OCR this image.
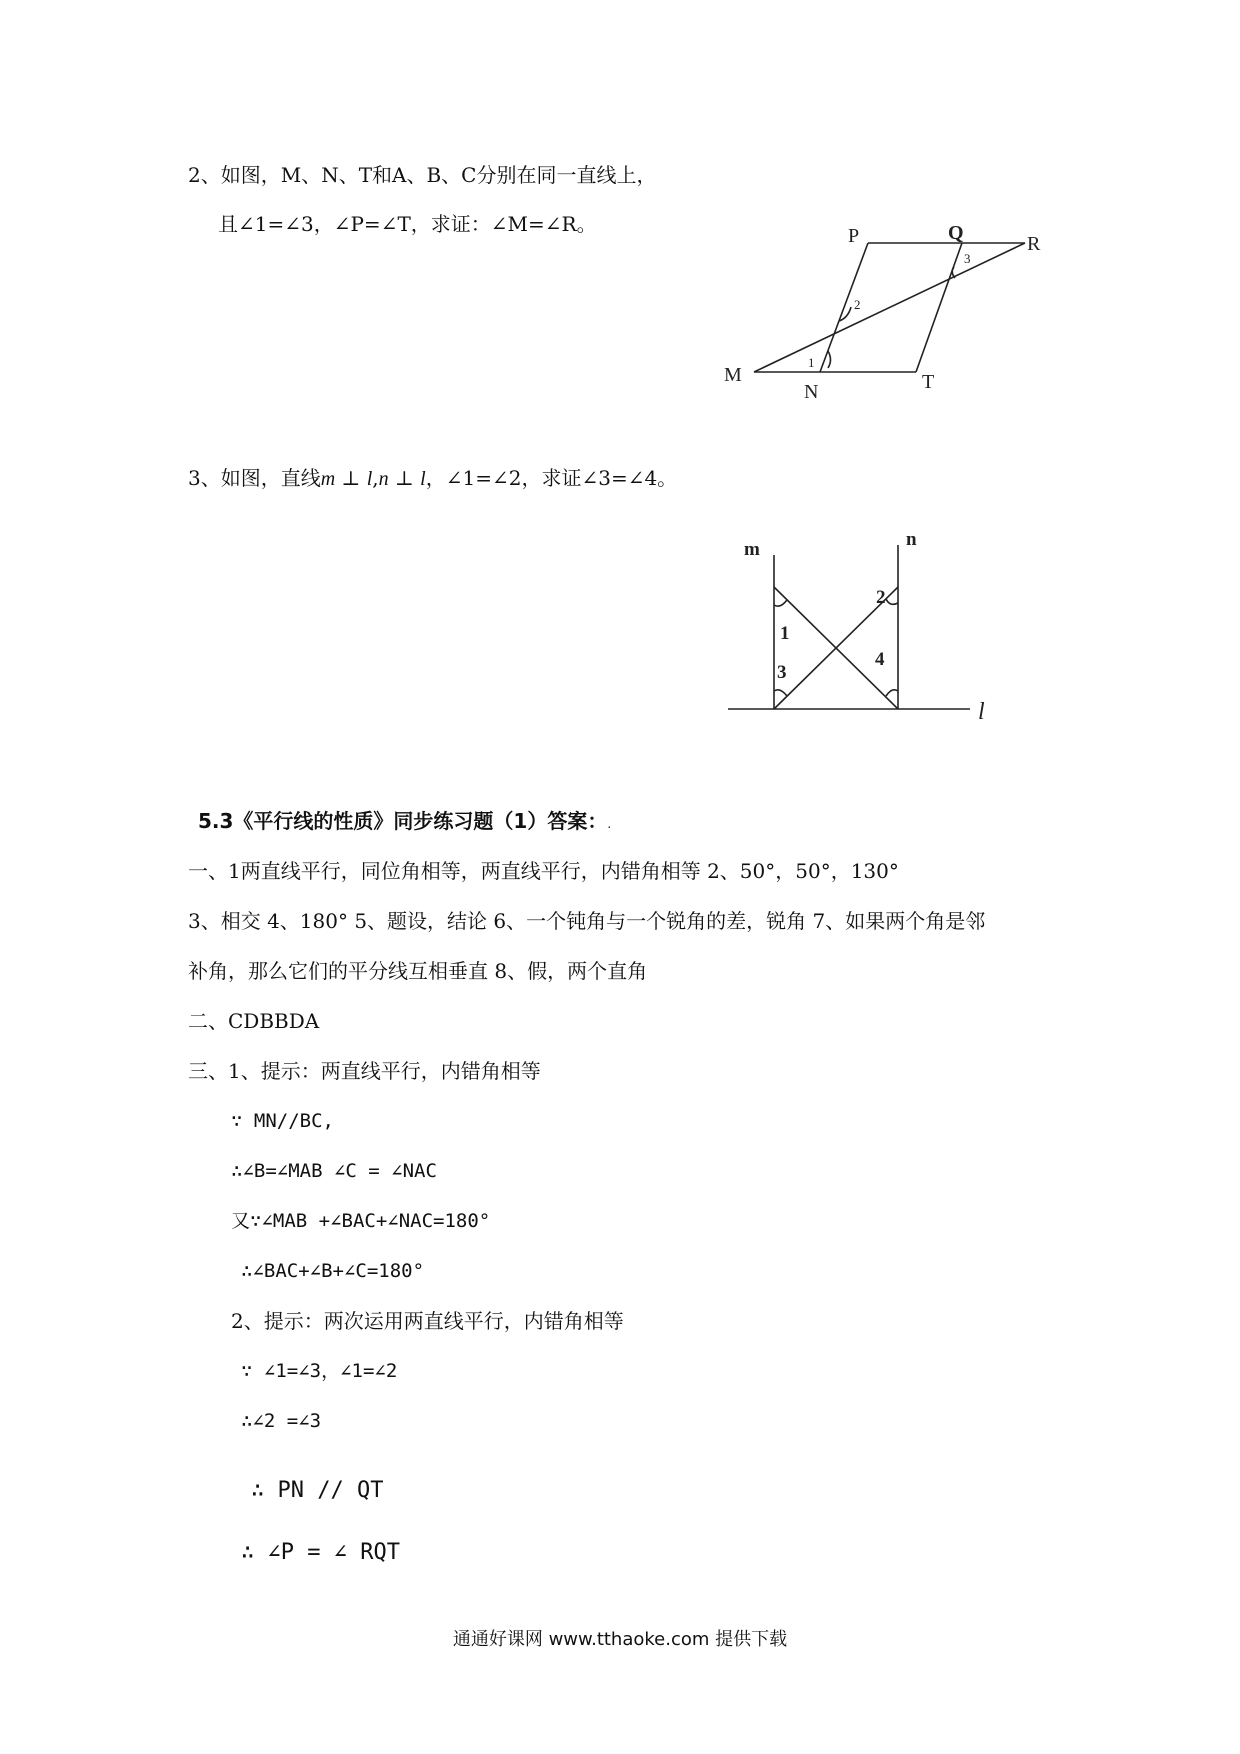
2、如图，M、N、T和A、B、C分别在同一直线上，
且∠1=∠3，∠P=∠T，求证：∠M=∠R。	P	Q	R
M
N	T
1
2
3
3、如图，直线m ⊥ l,n ⊥ l，∠1=∠2，求证∠3=∠4。
m	n
1
2
3
4
l
5.3《平行线的性质》同步练习题（1）答案：.
一、1两直线平行，同位角相等，两直线平行，内错角相等 2、50°，50°，130°
3、相交 4、180° 5、题设，结论 6、一个钝角与一个锐角的差，锐角 7、如果两个角是邻
补角，那么它们的平分线互相垂直 8、假，两个直角
二、CDBBDA
三、1、提示：两直线平行，内错角相等
∵ MN//BC,
∴∠B=∠MAB ∠C = ∠NAC
又∵∠MAB +∠BAC+∠NAC=180°
∴∠BAC+∠B+∠C=180°
2、提示：两次运用两直线平行，内错角相等
∵ ∠1=∠3，∠1=∠2
∴∠2 =∠3
∴ PN // QT
∴ ∠P = ∠ RQT
通通好课网 www.tthaoke.com 提供下载
